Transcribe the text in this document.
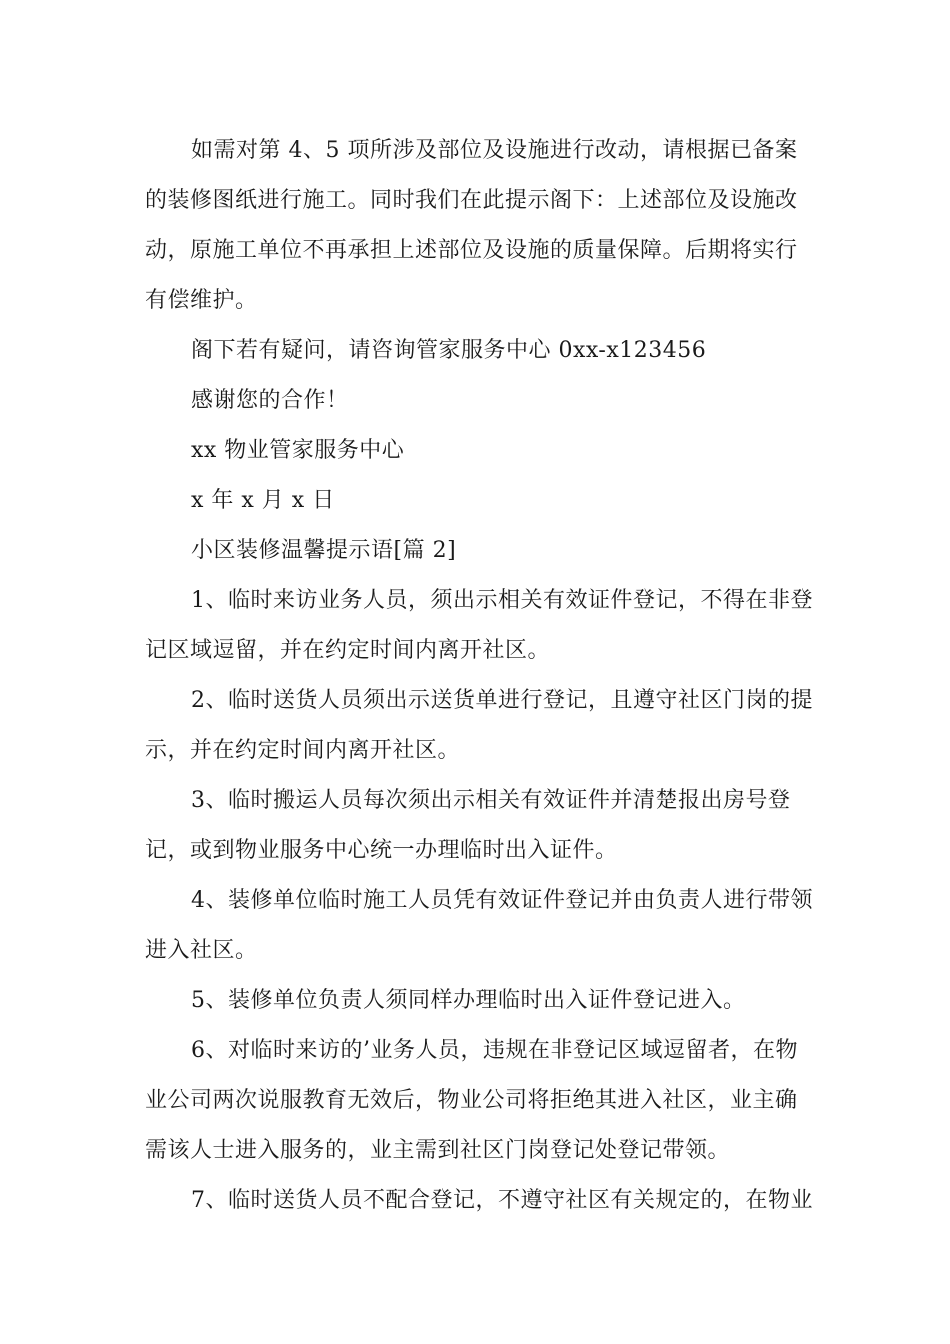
如需对第 4、5 项所涉及部位及设施进行改动，请根据已备案的装修图纸进行施工。同时我们在此提示阁下：上述部位及设施改动，原施工单位不再承担上述部位及设施的质量保障。后期将实行有偿维护。

阁下若有疑问，请咨询管家服务中心 0xx-x123456

感谢您的合作！

xx 物业管家服务中心

x 年 x 月 x 日

小区装修温馨提示语[篇 2]

1、临时来访业务人员，须出示相关有效证件登记，不得在非登记区域逗留，并在约定时间内离开社区。

2、临时送货人员须出示送货单进行登记，且遵守社区门岗的提示，并在约定时间内离开社区。

3、临时搬运人员每次须出示相关有效证件并清楚报出房号登记，或到物业服务中心统一办理临时出入证件。

4、装修单位临时施工人员凭有效证件登记并由负责人进行带领进入社区。

5、装修单位负责人须同样办理临时出入证件登记进入。

6、对临时来访的’业务人员，违规在非登记区域逗留者，在物业公司两次说服教育无效后，物业公司将拒绝其进入社区，业主确需该人士进入服务的，业主需到社区门岗登记处登记带领。

7、临时送货人员不配合登记，不遵守社区有关规定的，在物业
